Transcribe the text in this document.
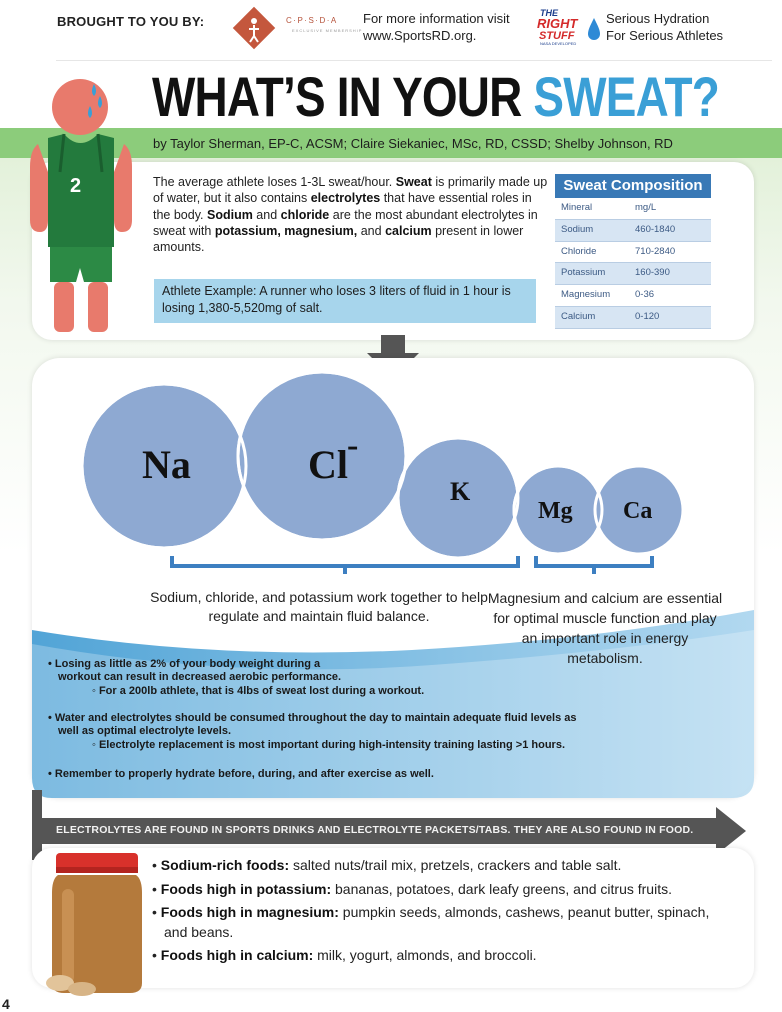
BROUGHT TO YOU BY:	C·P·S·D·A
EXCLUSIVE MEMBERSHIP
For more information visit
www.SportsRD.org.
THE
RIGHT
STUFF
NASA DEVELOPED
Serious Hydration
For Serious Athletes
WHAT’S IN YOUR SWEAT?
by Taylor Sherman, EP-C, ACSM; Claire Siekaniec, MSc, RD, CSSD; Shelby Johnson, RD
The average athlete loses 1-3L sweat/hour. Sweat is primarily made up of water, but it also contains electrolytes that have essential roles in the body. Sodium and chloride are the most abundant electrolytes in sweat with potassium, magnesium, and calcium present in lower amounts.
Athlete Example: A runner who loses 3 liters of fluid in 1 hour is losing 1,380-5,520mg of salt.
Sweat Composition
Mineral	mg/L
Sodium	460-1840
Chloride	710-2840
Potassium	160-390
Magnesium	0-36
Calcium	0-120
2
Na	Cl -
K
Mg Ca
Sodium, chloride, and potassium work together to help regulate and maintain fluid balance.
Magnesium and calcium are essential for optimal muscle function and play an important role in energy metabolism.
• Losing as little as 2% of your body weight during a
workout can result in decreased aerobic performance.
◦ For a 200lb athlete, that is 4lbs of sweat lost during a workout.
• Water and electrolytes should be consumed throughout the day to maintain adequate fluid levels as
well as optimal electrolyte levels.
◦ Electrolyte replacement is most important during high-intensity training lasting >1 hours.
• Remember to properly hydrate before, during, and after exercise as well.
ELECTROLYTES ARE FOUND IN SPORTS DRINKS AND ELECTROLYTE PACKETS/TABS. THEY ARE ALSO FOUND IN FOOD.
• Sodium-rich foods: salted nuts/trail mix, pretzels, crackers and table salt.
• Foods high in potassium: bananas, potatoes, dark leafy greens, and citrus fruits.
• Foods high in magnesium: pumpkin seeds, almonds, cashews, peanut butter, spinach, and beans.
• Foods high in calcium: milk, yogurt, almonds, and broccoli.
4
